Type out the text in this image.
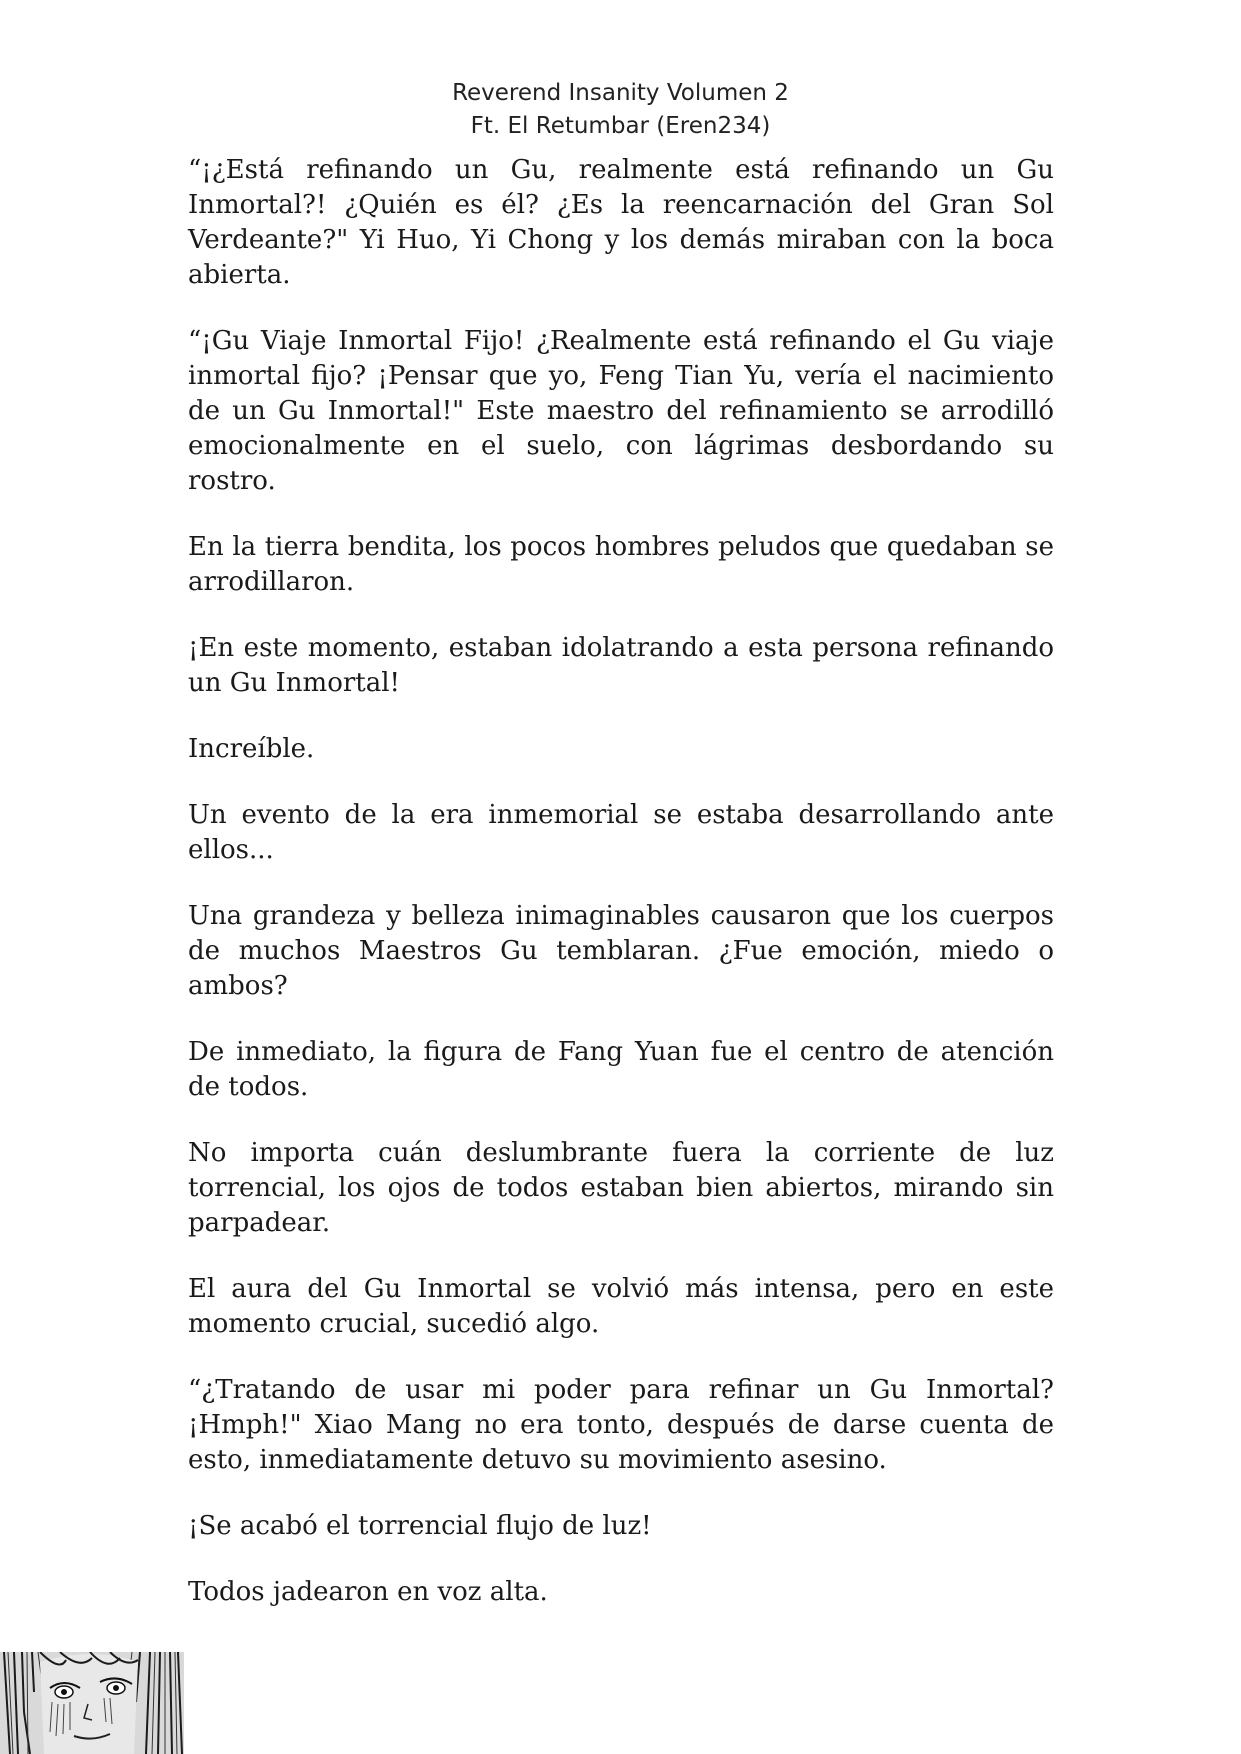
Reverend Insanity Volumen 2
Ft. El Retumbar (Eren234)

“¡¿Está refinando un Gu, realmente está refinando un Gu Inmortal?! ¿Quién es él? ¿Es la reencarnación del Gran Sol Verdeante?" Yi Huo, Yi Chong y los demás miraban con la boca abierta.

“¡Gu Viaje Inmortal Fijo! ¿Realmente está refinando el Gu viaje inmortal fijo? ¡Pensar que yo, Feng Tian Yu, vería el nacimiento de un Gu Inmortal!" Este maestro del refinamiento se arrodilló emocionalmente en el suelo, con lágrimas desbordando su rostro.

En la tierra bendita, los pocos hombres peludos que quedaban se arrodillaron.

¡En este momento, estaban idolatrando a esta persona refinando un Gu Inmortal!

Increíble.

Un evento de la era inmemorial se estaba desarrollando ante ellos...

Una grandeza y belleza inimaginables causaron que los cuerpos de muchos Maestros Gu temblaran. ¿Fue emoción, miedo o ambos?

De inmediato, la figura de Fang Yuan fue el centro de atención de todos.

No importa cuán deslumbrante fuera la corriente de luz torrencial, los ojos de todos estaban bien abiertos, mirando sin parpadear.

El aura del Gu Inmortal se volvió más intensa, pero en este momento crucial, sucedió algo.

“¿Tratando de usar mi poder para refinar un Gu Inmortal? ¡Hmph!" Xiao Mang no era tonto, después de darse cuenta de esto, inmediatamente detuvo su movimiento asesino.

¡Se acabó el torrencial flujo de luz!

Todos jadearon en voz alta.
